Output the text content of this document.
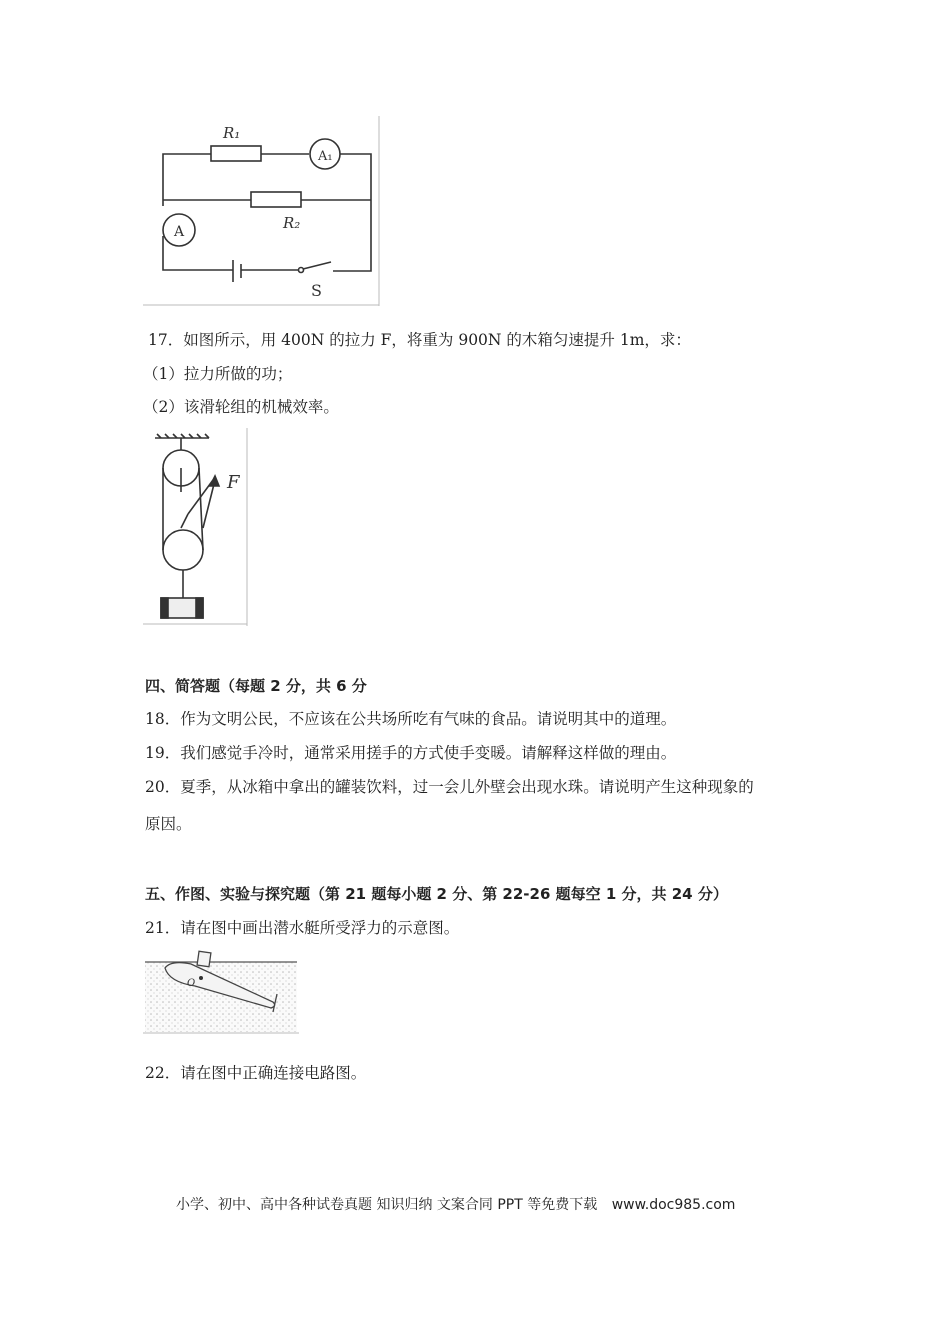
R₁
R₂
A₁
A
S
17．如图所示，用 400N 的拉力 F，将重为 900N 的木箱匀速提升 1m，求：
（1）拉力所做的功；
（2）该滑轮组的机械效率。
F
四、简答题（每题 2 分，共 6 分
18．作为文明公民，不应该在公共场所吃有气味的食品。请说明其中的道理。
19．我们感觉手冷时，通常采用搓手的方式使手变暖。请解释这样做的理由。
20．夏季，从冰箱中拿出的罐装饮料，过一会儿外壁会出现水珠。请说明产生这种现象的
原因。
五、作图、实验与探究题（第 21 题每小题 2 分、第 22-26 题每空 1 分，共 24 分）
21．请在图中画出潜水艇所受浮力的示意图。
O
22．请在图中正确连接电路图。
小学、初中、高中各种试卷真题 知识归纳 文案合同 PPT 等免费下载 www.doc985.com
